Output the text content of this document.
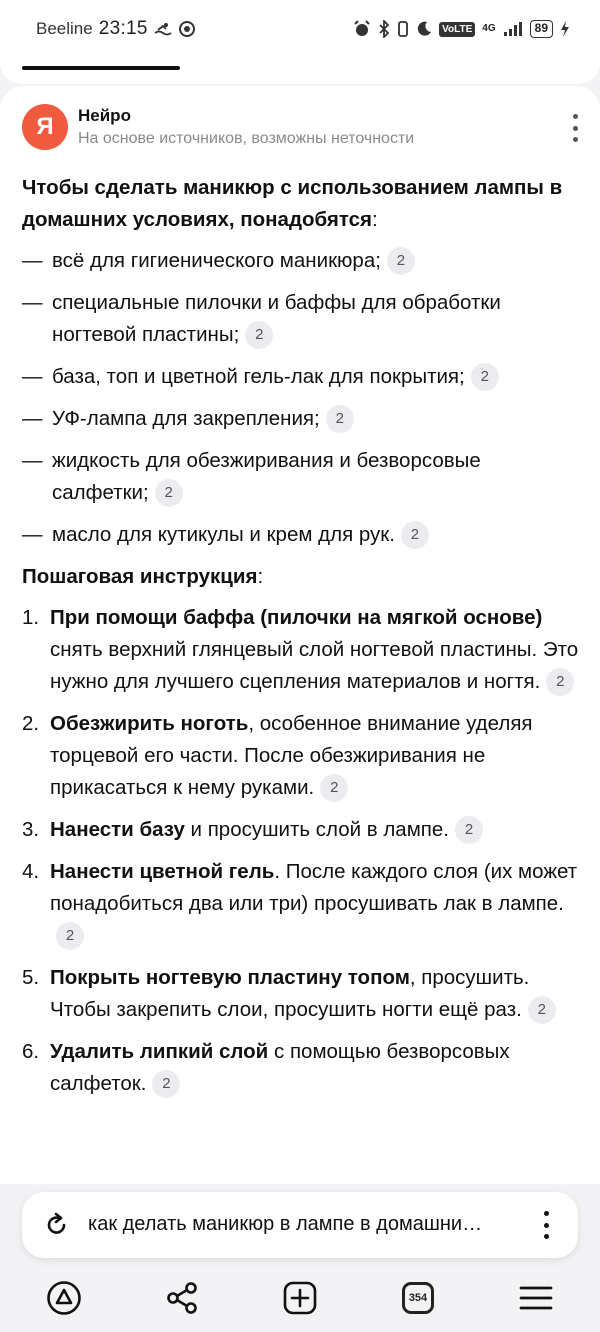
Beeline 23:15	VoLTE	4G	89
Я Нейро
На основе источников, возможны неточности
Чтобы сделать маникюр с использованием лампы в домашних условиях, понадобятся:
— всё для гигиенического маникюра; 2
— специальные пилочки и баффы для обработки ногтевой пластины; 2
— база, топ и цветной гель-лак для покрытия; 2
— УФ-лампа для закрепления; 2
— жидкость для обезжиривания и безворсовые салфетки; 2
— масло для кутикулы и крем для рук. 2
Пошаговая инструкция:
1. При помощи баффа (пилочки на мягкой основе) снять верхний глянцевый слой ногтевой пластины. Это нужно для лучшего сцепления материалов и ногтя. 2
2. Обезжирить ноготь, особенное внимание уделяя торцевой его части. После обезжиривания не прикасаться к нему руками. 2
3. Нанести базу и просушить слой в лампе. 2
4. Нанести цветной гель. После каждого слоя (их может понадобиться два или три) просушивать лак в лампе.2
5. Покрыть ногтевую пластину топом, просушить. Чтобы закрепить слои, просушить ногти ещё раз. 2
6. Удалить липкий слой с помощью безворсовых салфеток. 2
как делать маникюр в лампе в домашни…
354
